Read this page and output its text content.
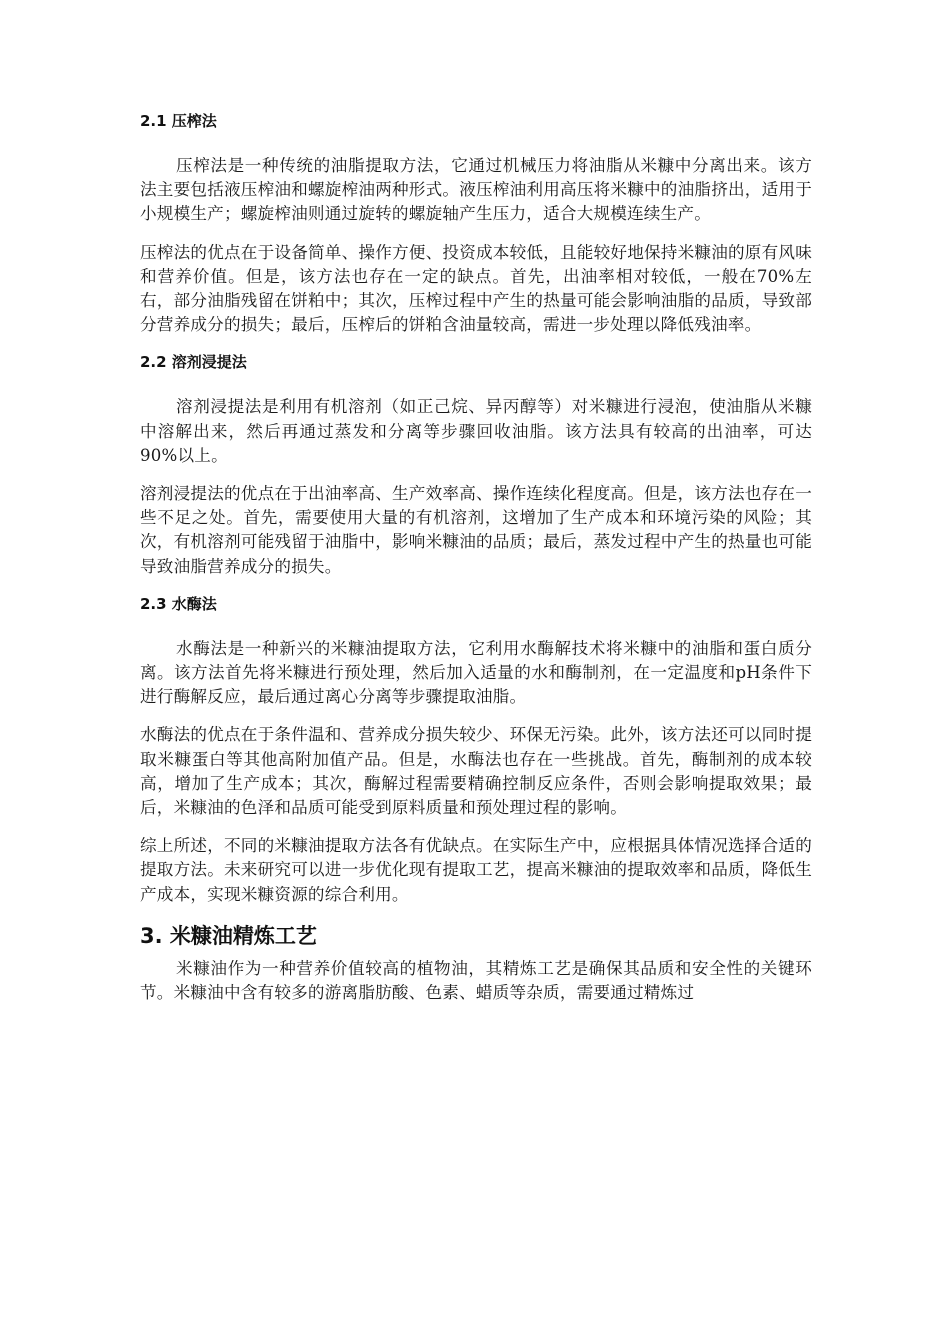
2.1 压榨法

压榨法是一种传统的油脂提取方法，它通过机械压力将油脂从米糠中分离出来。该方法主要包括液压榨油和螺旋榨油两种形式。液压榨油利用高压将米糠中的油脂挤出，适用于小规模生产；螺旋榨油则通过旋转的螺旋轴产生压力，适合大规模连续生产。

压榨法的优点在于设备简单、操作方便、投资成本较低，且能较好地保持米糠油的原有风味和营养价值。但是，该方法也存在一定的缺点。首先，出油率相对较低，一般在70%左右，部分油脂残留在饼粕中；其次，压榨过程中产生的热量可能会影响油脂的品质，导致部分营养成分的损失；最后，压榨后的饼粕含油量较高，需进一步处理以降低残油率。

2.2 溶剂浸提法

溶剂浸提法是利用有机溶剂（如正己烷、异丙醇等）对米糠进行浸泡，使油脂从米糠中溶解出来，然后再通过蒸发和分离等步骤回收油脂。该方法具有较高的出油率，可达90%以上。

溶剂浸提法的优点在于出油率高、生产效率高、操作连续化程度高。但是，该方法也存在一些不足之处。首先，需要使用大量的有机溶剂，这增加了生产成本和环境污染的风险；其次，有机溶剂可能残留于油脂中，影响米糠油的品质；最后，蒸发过程中产生的热量也可能导致油脂营养成分的损失。

2.3 水酶法

水酶法是一种新兴的米糠油提取方法，它利用水酶解技术将米糠中的油脂和蛋白质分离。该方法首先将米糠进行预处理，然后加入适量的水和酶制剂，在一定温度和pH条件下进行酶解反应，最后通过离心分离等步骤提取油脂。

水酶法的优点在于条件温和、营养成分损失较少、环保无污染。此外，该方法还可以同时提取米糠蛋白等其他高附加值产品。但是，水酶法也存在一些挑战。首先，酶制剂的成本较高，增加了生产成本；其次，酶解过程需要精确控制反应条件，否则会影响提取效果；最后，米糠油的色泽和品质可能受到原料质量和预处理过程的影响。

综上所述，不同的米糠油提取方法各有优缺点。在实际生产中，应根据具体情况选择合适的提取方法。未来研究可以进一步优化现有提取工艺，提高米糠油的提取效率和品质，降低生产成本，实现米糠资源的综合利用。

3. 米糠油精炼工艺

米糠油作为一种营养价值较高的植物油，其精炼工艺是确保其品质和安全性的关键环节。米糠油中含有较多的游离脂肪酸、色素、蜡质等杂质，需要通过精炼过
